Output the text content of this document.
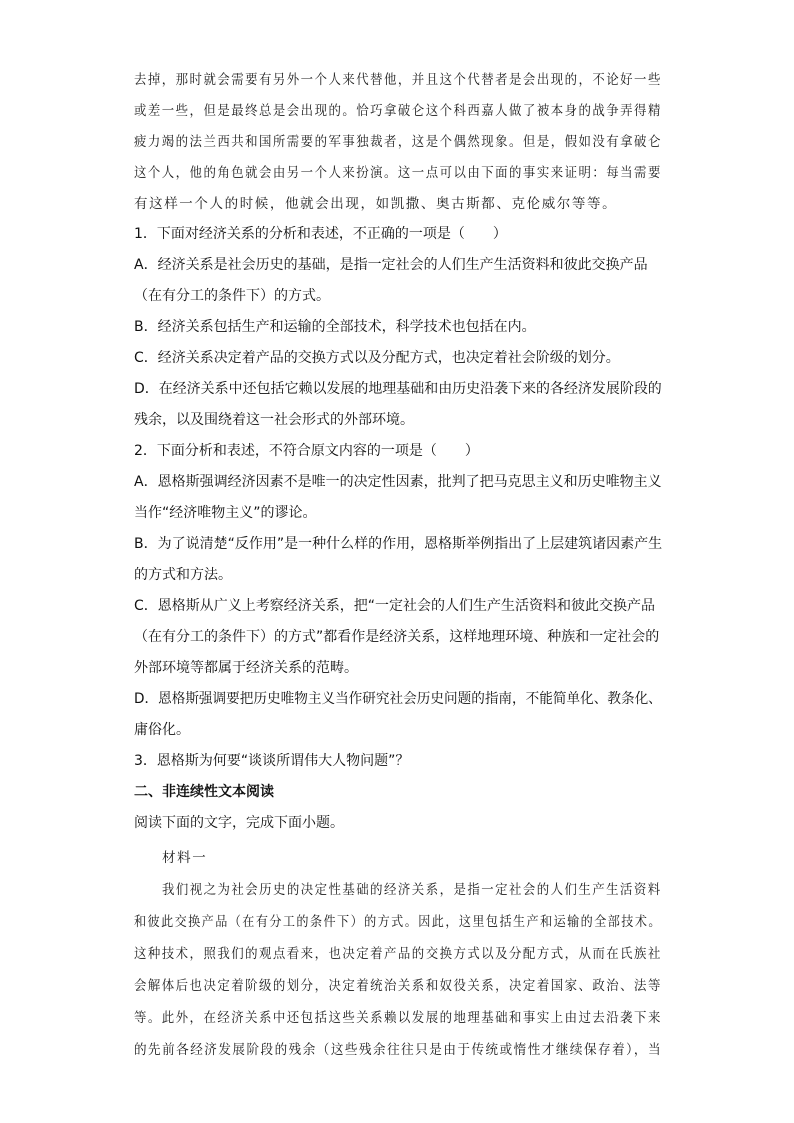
去掉，那时就会需要有另外一个人来代替他，并且这个代替者是会出现的，不论好一些
或差一些，但是最终总是会出现的。恰巧拿破仑这个科西嘉人做了被本身的战争弄得精
疲力竭的法兰西共和国所需要的军事独裁者，这是个偶然现象。但是，假如没有拿破仑
这个人，他的角色就会由另一个人来扮演。这一点可以由下面的事实来证明：每当需要
有这样一个人的时候，他就会出现，如凯撒、奥古斯都、克伦威尔等等。
1．下面对经济关系的分析和表述，不正确的一项是（　　）
A．经济关系是社会历史的基础，是指一定社会的人们生产生活资料和彼此交换产品
（在有分工的条件下）的方式。
B．经济关系包括生产和运输的全部技术，科学技术也包括在内。
C．经济关系决定着产品的交换方式以及分配方式，也决定着社会阶级的划分。
D．在经济关系中还包括它赖以发展的地理基础和由历史沿袭下来的各经济发展阶段的
残余，以及围绕着这一社会形式的外部环境。
2．下面分析和表述，不符合原文内容的一项是（　　）
A．恩格斯强调经济因素不是唯一的决定性因素，批判了把马克思主义和历史唯物主义
当作“经济唯物主义”的谬论。
B．为了说清楚“反作用”是一种什么样的作用，恩格斯举例指出了上层建筑诸因素产生
的方式和方法。
C．恩格斯从广义上考察经济关系，把“一定社会的人们生产生活资料和彼此交换产品
（在有分工的条件下）的方式”都看作是经济关系，这样地理环境、种族和一定社会的
外部环境等都属于经济关系的范畴。
D．恩格斯强调要把历史唯物主义当作研究社会历史问题的指南，不能简单化、教条化、
庸俗化。
3．恩格斯为何要“谈谈所谓伟大人物问题”？
二、非连续性文本阅读
阅读下面的文字，完成下面小题。
材料一
我们视之为社会历史的决定性基础的经济关系，是指一定社会的人们生产生活资料
和彼此交换产品（在有分工的条件下）的方式。因此，这里包括生产和运输的全部技术。
这种技术，照我们的观点看来，也决定着产品的交换方式以及分配方式，从而在氏族社
会解体后也决定着阶级的划分，决定着统治关系和奴役关系，决定着国家、政治、法等
等。此外，在经济关系中还包括这些关系赖以发展的地理基础和事实上由过去沿袭下来
的先前各经济发展阶段的残余（这些残余往往只是由于传统或惰性才继续保存着），当
